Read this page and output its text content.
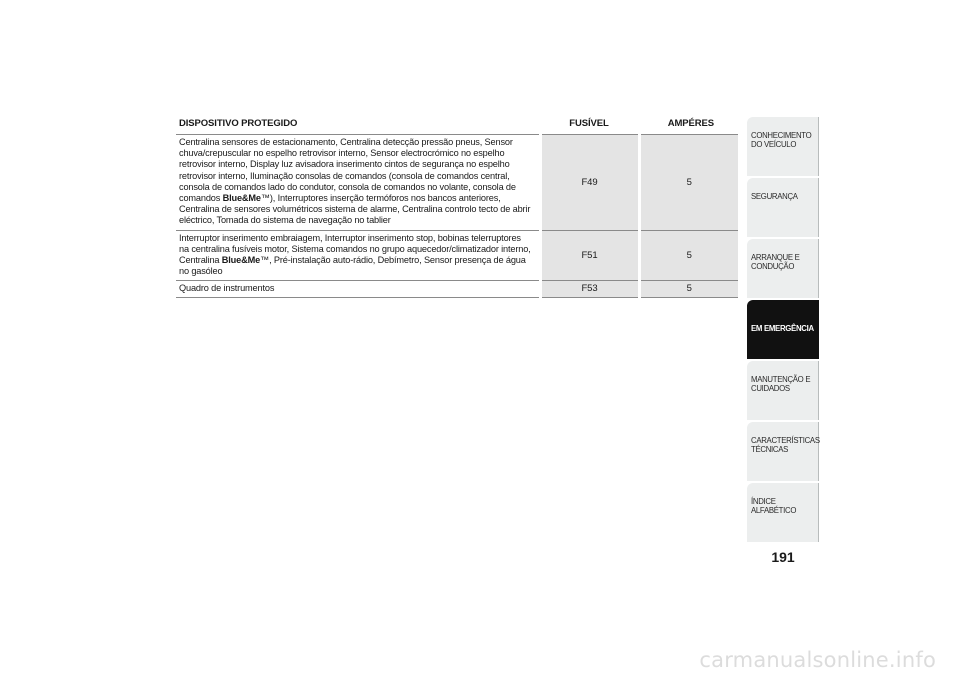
DISPOSITIVO PROTEGIDO	FUSÍVEL	AMPÉRES
Centralina sensores de estacionamento, Centralina detecção pressão pneus, Sensor chuva/crepuscular no espelho retrovisor interno, Sensor electrocrómico no espelho retrovisor interno, Display luz avisadora inserimento cintos de segurança no espelho retrovisor interno, Iluminação consolas de comandos (consola de comandos central, consola de comandos lado do condutor, consola de comandos no volante, consola de comandos Blue&Me™), Interruptores inserção termóforos nos bancos anteriores, Centralina de sensores volumétricos sistema de alarme, Centralina controlo tecto de abrir eléctrico, Tomada do sistema de navegação no tablier	F49	5
Interruptor inserimento embraiagem, Interruptor inserimento stop, bobinas telerruptores na centralina fusíveis motor, Sistema comandos no grupo aquecedor/climatizador interno, Centralina Blue&Me™, Pré-instalação auto-rádio, Debímetro, Sensor presença de água no gasóleo	F51	5
Quadro de instrumentos	F53	5
CONHECIMENTO DO VEÍCULO
SEGURANÇA
ARRANQUE E CONDUÇÃO
EM EMERGÊNCIA
MANUTENÇÃO E CUIDADOS
CARACTERÍSTICAS TÉCNICAS
ÍNDICE ALFABÉTICO
191
carmanualsonline.info
